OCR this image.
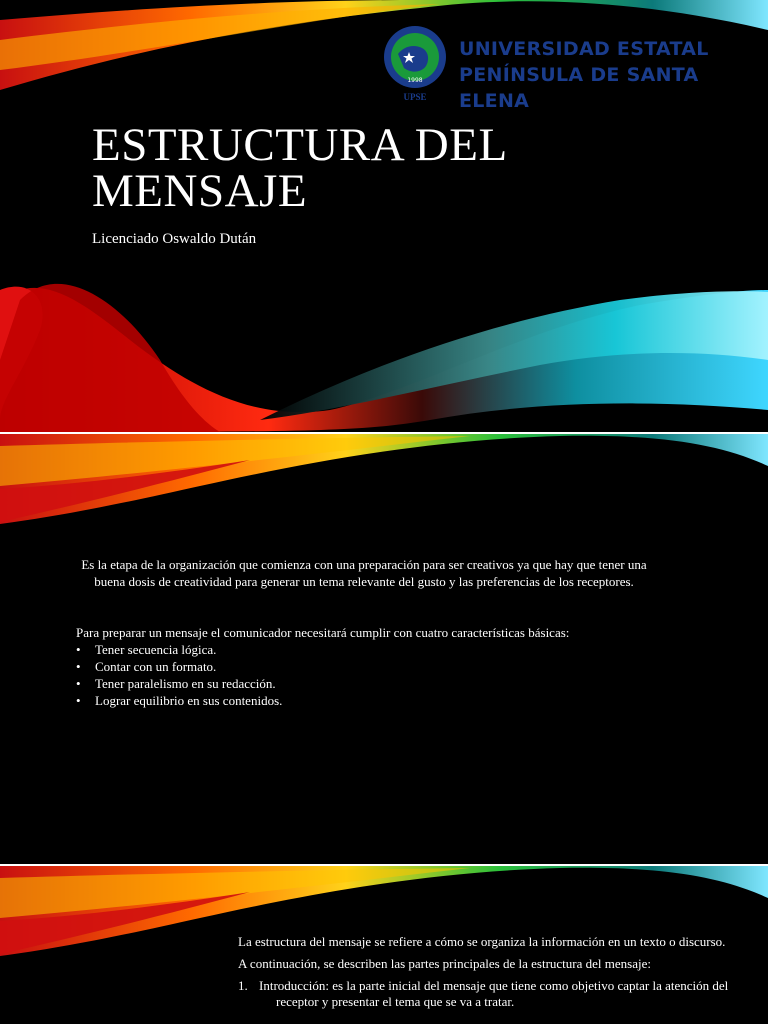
1998
UPSE
UNIVERSIDAD ESTATAL
PENÍNSULA DE SANTA ELENA
ESTRUCTURA DEL
MENSAJE
Licenciado Oswaldo Dután
Es la etapa de la organización que comienza con una preparación para ser creativos ya que hay que tener una buena dosis de creatividad para generar un tema relevante del gusto y las preferencias de los receptores.
Para preparar un mensaje el comunicador necesitará cumplir con cuatro características básicas:
• Tener secuencia lógica.
• Contar con un formato.
• Tener paralelismo en su redacción.
• Lograr equilibrio en sus contenidos.

La estructura del mensaje se refiere a cómo se organiza la información en un texto o discurso.

A continuación, se describen las partes principales de la estructura del mensaje:

1. Introducción: es la parte inicial del mensaje que tiene como objetivo captar la atención del receptor y presentar el tema que se va a tratar.
